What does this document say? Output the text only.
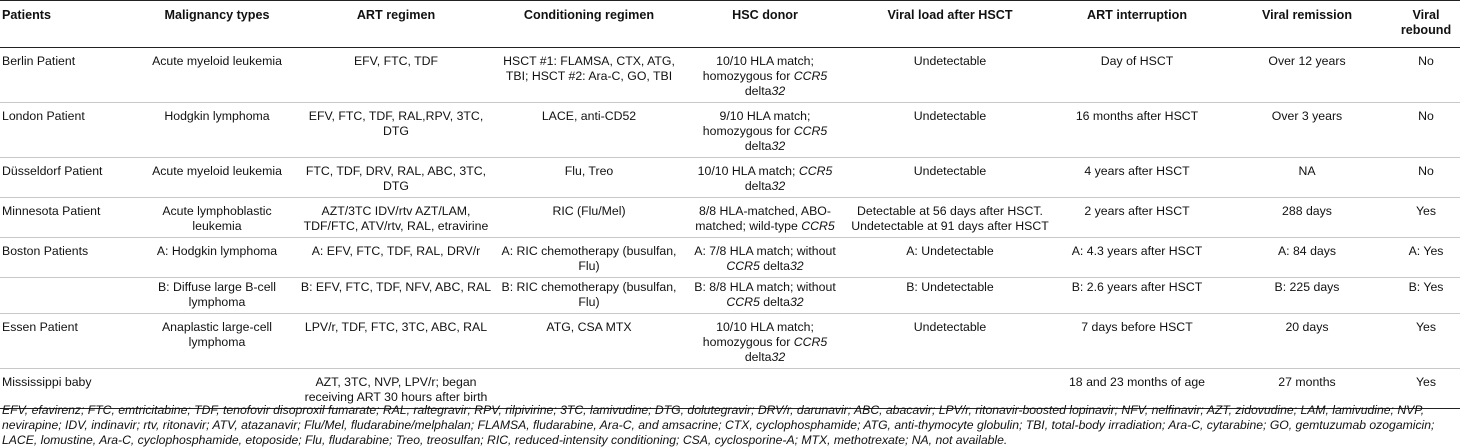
Patients	Malignancy types	ART regimen	Conditioning regimen	HSC donor	Viral load after HSCT	ART interruption	Viral remission	Viral rebound
Berlin Patient	Acute myeloid leukemia	EFV, FTC, TDF	HSCT #1: FLAMSA, CTX, ATG, TBI; HSCT #2: Ara-C, GO, TBI	10/10 HLA match; homozygous for CCR5 delta32	Undetectable	Day of HSCT	Over 12 years	No
London Patient	Hodgkin lymphoma	EFV, FTC, TDF, RAL,RPV, 3TC, DTG	LACE, anti-CD52	9/10 HLA match; homozygous for CCR5 delta32	Undetectable	16 months after HSCT	Over 3 years	No
Düsseldorf Patient	Acute myeloid leukemia	FTC, TDF, DRV, RAL, ABC, 3TC, DTG	Flu, Treo	10/10 HLA match; CCR5 delta32	Undetectable	4 years after HSCT	NA	No
Minnesota Patient	Acute lymphoblastic leukemia	AZT/3TC IDV/rtv AZT/LAM, TDF/FTC, ATV/rtv, RAL, etravirine	RIC (Flu/Mel)	8/8 HLA-matched, ABO-matched; wild-type CCR5	Detectable at 56 days after HSCT. Undetectable at 91 days after HSCT	2 years after HSCT	288 days	Yes
Boston Patients	A: Hodgkin lymphoma	A: EFV, FTC, TDF, RAL, DRV/r	A: RIC chemotherapy (busulfan, Flu)	A: 7/8 HLA match; without CCR5 delta32	A: Undetectable	A: 4.3 years after HSCT	A: 84 days	A: Yes
	B: Diffuse large B-cell lymphoma	B: EFV, FTC, TDF, NFV, ABC, RAL	B: RIC chemotherapy (busulfan, Flu)	B: 8/8 HLA match; without CCR5 delta32	B: Undetectable	B: 2.6 years after HSCT	B: 225 days	B: Yes
Essen Patient	Anaplastic large-cell lymphoma	LPV/r, TDF, FTC, 3TC, ABC, RAL	ATG, CSA MTX	10/10 HLA match; homozygous for CCR5 delta32	Undetectable	7 days before HSCT	20 days	Yes
Mississippi baby		AZT, 3TC, NVP, LPV/r; began receiving ART 30 hours after birth				18 and 23 months of age	27 months	Yes
EFV, efavirenz; FTC, emtricitabine; TDF, tenofovir disoproxil fumarate; RAL, raltegravir; RPV, rilpivirine; 3TC, lamivudine; DTG, dolutegravir; DRV/r, darunavir; ABC, abacavir; LPV/r, ritonavir-boosted lopinavir; NFV, nelfinavir; AZT, zidovudine; LAM, lamivudine; NVP, nevirapine; IDV, indinavir; rtv, ritonavir; ATV, atazanavir; Flu/Mel, fludarabine/melphalan; FLAMSA, fludarabine, Ara-C, and amsacrine; CTX, cyclophosphamide; ATG, anti-thymocyte globulin; TBI, total-body irradiation; Ara-C, cytarabine; GO, gemtuzumab ozogamicin; LACE, lomustine, Ara-C, cyclophosphamide, etoposide; Flu, fludarabine; Treo, treosulfan; RIC, reduced-intensity conditioning; CSA, cyclosporine-A; MTX, methotrexate; NA, not available.
